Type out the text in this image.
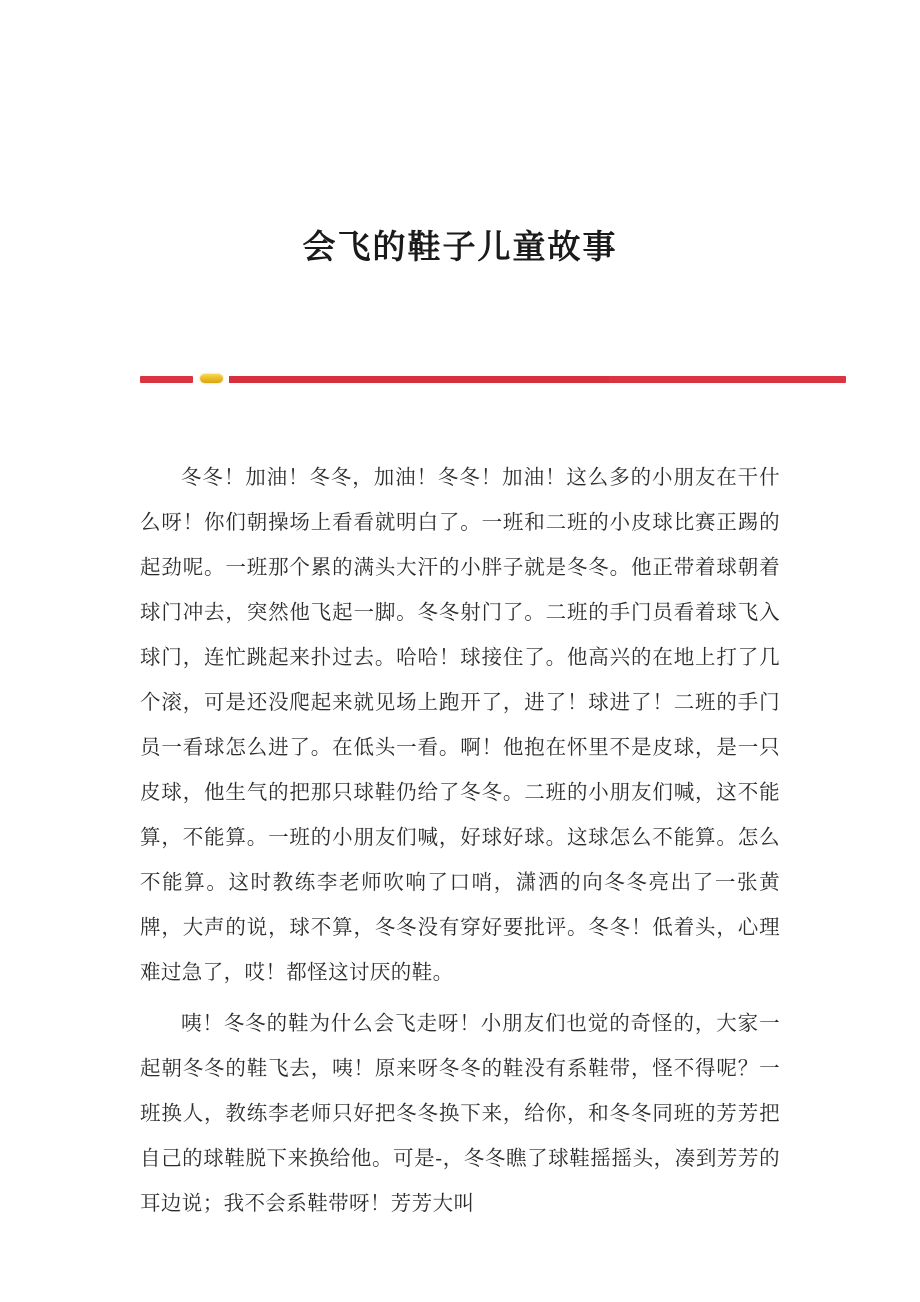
会飞的鞋子儿童故事

冬冬！加油！冬冬，加油！冬冬！加油！这么多的小朋友在干什么呀！你们朝操场上看看就明白了。一班和二班的小皮球比赛正踢的起劲呢。一班那个累的满头大汗的小胖子就是冬冬。他正带着球朝着球门冲去，突然他飞起一脚。冬冬射门了。二班的手门员看着球飞入球门，连忙跳起来扑过去。哈哈！球接住了。他高兴的在地上打了几个滚，可是还没爬起来就见场上跑开了，进了！球进了！二班的手门员一看球怎么进了。在低头一看。啊！他抱在怀里不是皮球，是一只皮球，他生气的把那只球鞋仍给了冬冬。二班的小朋友们喊，这不能算，不能算。一班的小朋友们喊，好球好球。这球怎么不能算。怎么不能算。这时教练李老师吹响了口哨，潇洒的向冬冬亮出了一张黄牌，大声的说，球不算，冬冬没有穿好要批评。冬冬！低着头，心理难过急了，哎！都怪这讨厌的鞋。

咦！冬冬的鞋为什么会飞走呀！小朋友们也觉的奇怪的，大家一起朝冬冬的鞋飞去，咦！原来呀冬冬的鞋没有系鞋带，怪不得呢？一班换人，教练李老师只好把冬冬换下来，给你，和冬冬同班的芳芳把自己的球鞋脱下来换给他。可是-，冬冬瞧了球鞋摇摇头，凑到芳芳的耳边说；我不会系鞋带呀！芳芳大叫
